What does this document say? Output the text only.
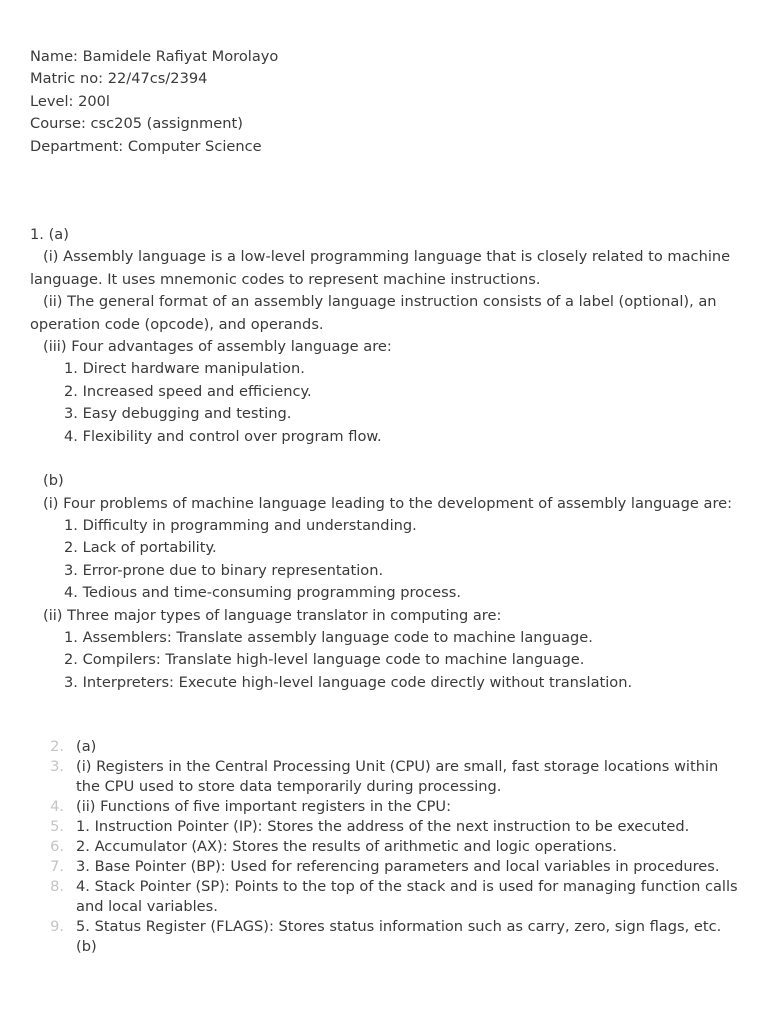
Name: Bamidele Rafiyat Morolayo
Matric no: 22/47cs/2394
Level: 200l
Course: csc205 (assignment)
Department: Computer Science
1. (a)
(i) Assembly language is a low-level programming language that is closely related to machine
language. It uses mnemonic codes to represent machine instructions.
(ii) The general format of an assembly language instruction consists of a label (optional), an
operation code (opcode), and operands.
(iii) Four advantages of assembly language are:
1. Direct hardware manipulation.
2. Increased speed and efficiency.
3. Easy debugging and testing.
4. Flexibility and control over program flow.
(b)
(i) Four problems of machine language leading to the development of assembly language are:
1. Difficulty in programming and understanding.
2. Lack of portability.
3. Error-prone due to binary representation.
4. Tedious and time-consuming programming process.
(ii) Three major types of language translator in computing are:
1. Assemblers: Translate assembly language code to machine language.
2. Compilers: Translate high-level language code to machine language.
3. Interpreters: Execute high-level language code directly without translation.
2. (a)
3. (i) Registers in the Central Processing Unit (CPU) are small, fast storage locations within the CPU used to store data temporarily during processing.
4. (ii) Functions of five important registers in the CPU:
5. 1. Instruction Pointer (IP): Stores the address of the next instruction to be executed.
6. 2. Accumulator (AX): Stores the results of arithmetic and logic operations.
7. 3. Base Pointer (BP): Used for referencing parameters and local variables in procedures.
8. 4. Stack Pointer (SP): Points to the top of the stack and is used for managing function calls and local variables.
9. 5. Status Register (FLAGS): Stores status information such as carry, zero, sign flags, etc.
(b)
